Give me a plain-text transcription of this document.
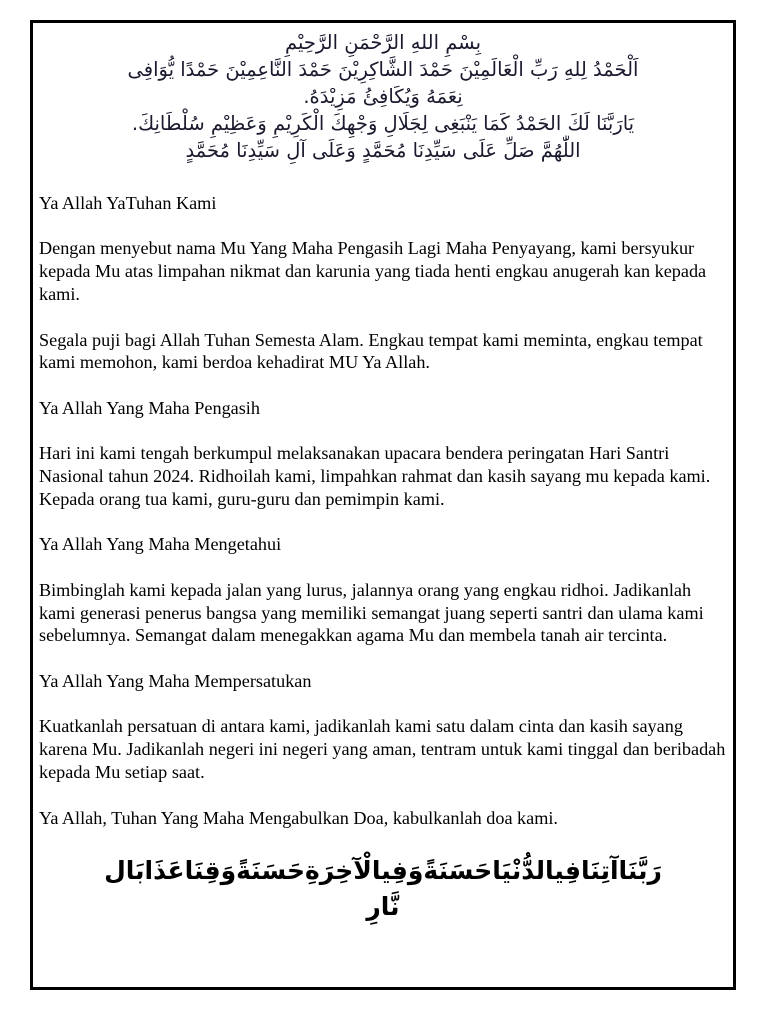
بِسْمِ اللهِ الرَّحْمَنِ الرَّحِيْمِ
اَلْحَمْدُ لِلهِ رَبِّ الْعَالَمِيْنَ حَمْدَ الشَّاكِرِيْنَ حَمْدَ النَّاعِمِيْنَ حَمْدًا يُّوَافِى
نِعَمَهُ وَيُكَافِئُ مَزِيْدَهُ.
يَارَبَّنَا لَكَ الحَمْدُ كَمَا يَنْبَغِى لِجَلَالِ وَجْهِكَ الْكَرِيْمِ وَعَظِيْمِ سُلْطَانِكَ.
اللّٰهُمَّ صَلِّ عَلَى سَيِّدِنَا مُحَمَّدٍ وَعَلَى آلِ سَيِّدِنَا مُحَمَّدٍ

Ya Allah YaTuhan Kami

Dengan menyebut nama Mu Yang Maha Pengasih Lagi Maha Penyayang, kami bersyukur kepada Mu atas limpahan nikmat dan karunia yang tiada henti engkau anugerah kan kepada kami.

Segala puji bagi Allah Tuhan Semesta Alam. Engkau tempat kami meminta, engkau tempat kami memohon, kami berdoa kehadirat MU Ya Allah.

Ya Allah Yang Maha Pengasih

Hari ini kami tengah berkumpul melaksanakan upacara bendera peringatan Hari Santri Nasional tahun 2024. Ridhoilah kami, limpahkan rahmat dan kasih sayang mu kepada kami. Kepada orang tua kami, guru-guru dan pemimpin kami.

Ya Allah Yang Maha Mengetahui

Bimbinglah kami kepada jalan yang lurus, jalannya orang yang engkau ridhoi. Jadikanlah kami generasi penerus bangsa yang memiliki semangat juang seperti santri dan ulama kami sebelumnya. Semangat dalam menegakkan agama Mu dan membela tanah air tercinta.

Ya Allah Yang Maha Mempersatukan

Kuatkanlah persatuan di antara kami, jadikanlah kami satu dalam cinta dan kasih sayang karena Mu. Jadikanlah negeri ini negeri yang aman, tentram untuk kami tinggal dan beribadah kepada Mu setiap saat.

Ya Allah, Tuhan Yang Maha Mengabulkan Doa, kabulkanlah doa kami.

رَبَّنَاآتِنَافِيالدُّنْيَاحَسَنَةًوَفِيالْآخِرَةِحَسَنَةًوَقِنَاعَذَابَال
نَّارِ
